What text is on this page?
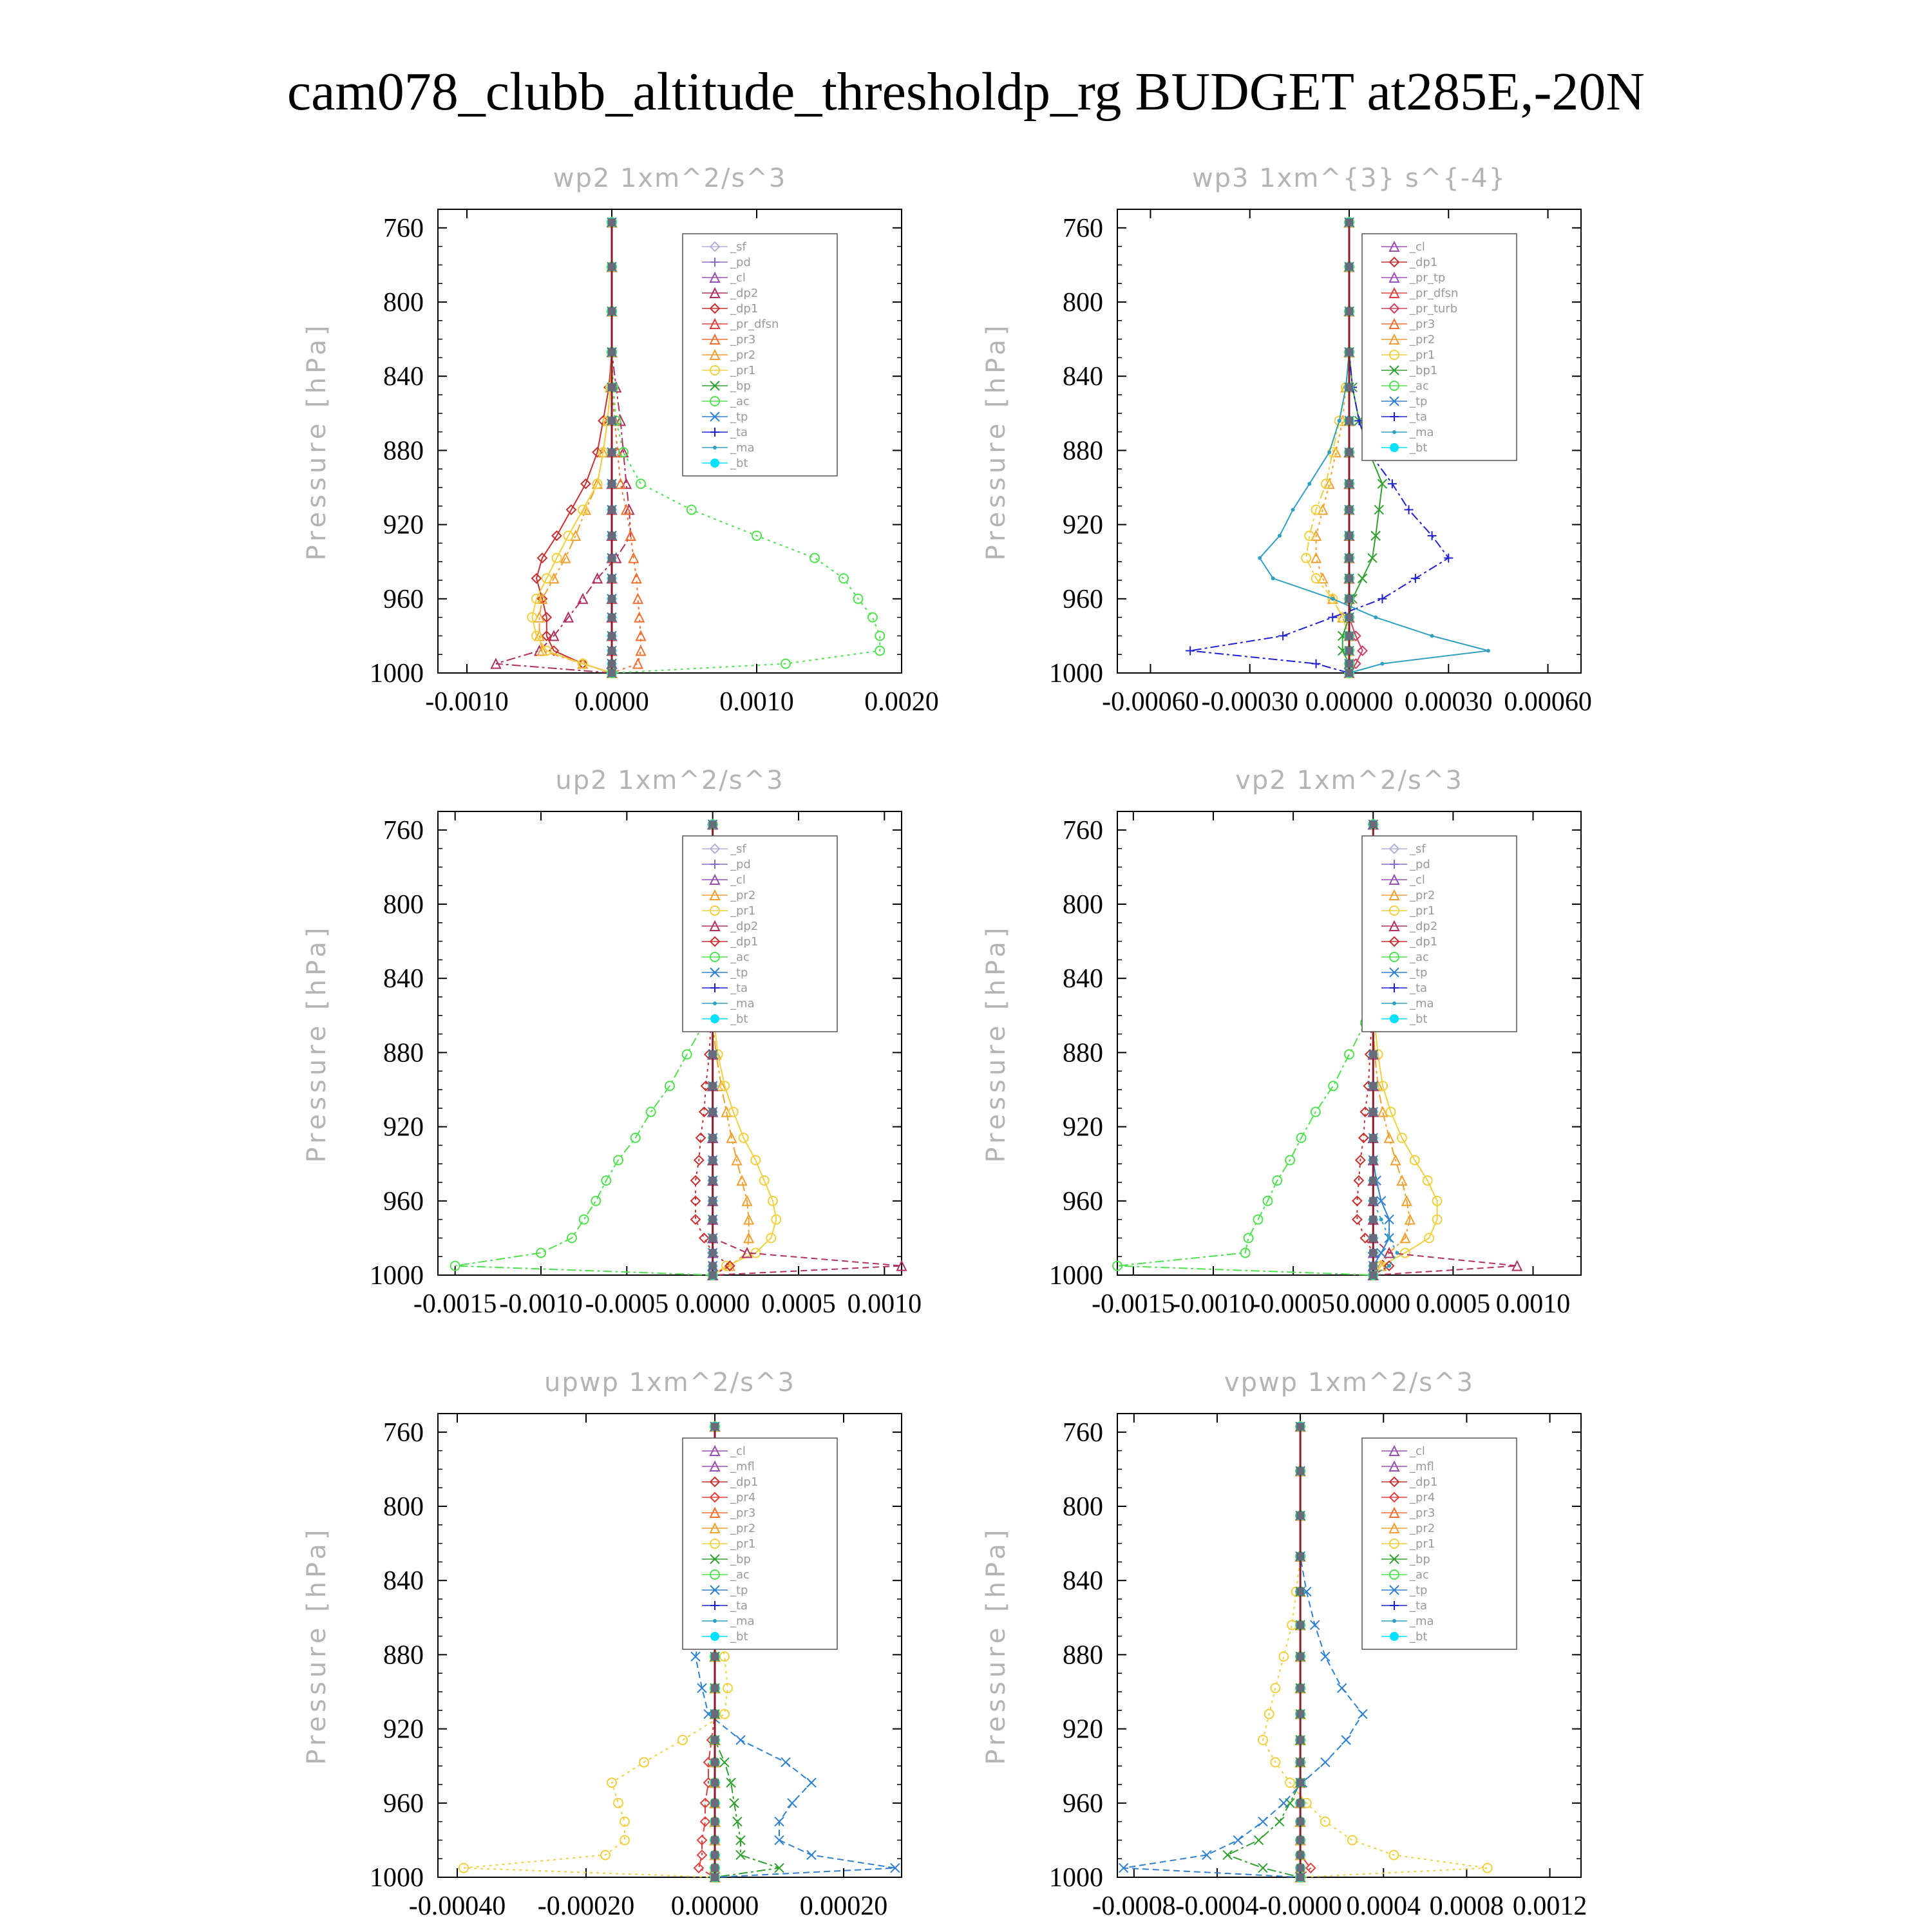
cam078_clubb_altitude_thresholdp_rg BUDGET at285E,-20N
wp2 1xm^2/s^3
Pressure [hPa]
760
800
840
880
920
960
1000
-0.0010 0.0000	0.0010	0.0020
_sf
_pd
_cl
_dp2
_dp1
_pr_dfsn
_pr3
_pr2
_pr1
_bp
_ac
_tp
_ta
_ma
_bt
wp3 1xm^{3} s^{-4}
Pressure [hPa]
760
800
840
880
920
960
1000
-0.00060 -0.00030 0.00000 0.00030 0.00060
_cl
_dp1
_pr_tp
_pr_dfsn
_pr_turb
_pr3
_pr2
_pr1
_bp1
_ac
_tp
_ta
_ma
_bt
up2 1xm^2/s^3
Pressure [hPa]
760
800
840
880
920
960
1000
-0.0015 -0.0010 -0.0005 0.0000 0.0005 0.0010
_sf
_pd
_cl
_pr2
_pr1
_dp2
_dp1
_ac
_tp
_ta
_ma
_bt
vp2 1xm^2/s^3
Pressure [hPa]
760
800
840
880
920
960
1000
-0.0015
-0.0010
-0.0005 0.0000 0.0005 0.0010
_sf
_pd
_cl
_pr2
_pr1
_dp2
_dp1
_ac
_tp
_ta
_ma
_bt
upwp 1xm^2/s^3
Pressure [hPa]
760
800
840
880
920
960
1000
-0.00040 -0.00020 0.00000 0.00020
_cl
_mfl
_dp1
_pr4
_pr3
_pr2
_pr1
_bp
_ac
_tp
_ta
_ma
_bt
vpwp 1xm^2/s^3
Pressure [hPa]
760
800
840
880
920
960
1000
-0.0008 -0.0004 -0.0000 0.0004 0.0008 0.0012
_cl
_mfl
_dp1
_pr4
_pr3
_pr2
_pr1
_bp
_ac
_tp
_ta
_ma
_bt
